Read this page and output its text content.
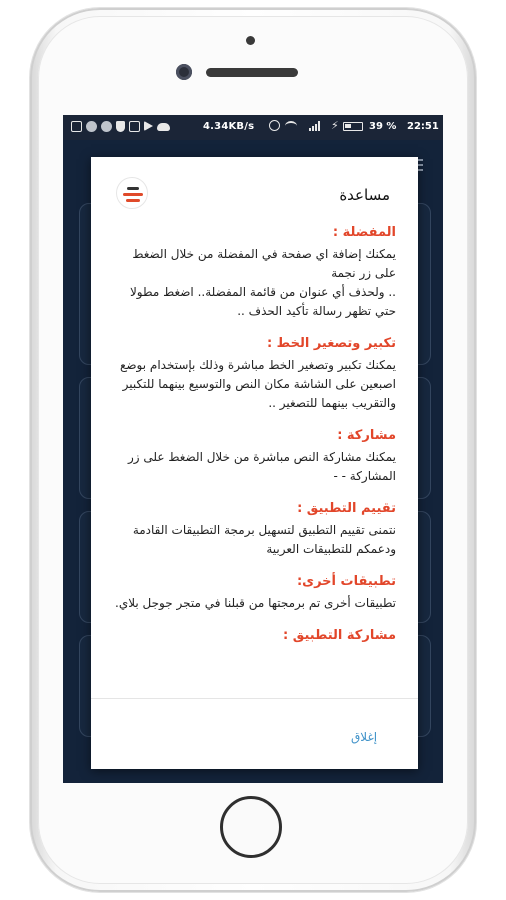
4.34KB/s	⚡	39 % 22:51
مساعدة
المفضلة :
يمكنك إضافة اي صفحة في المفضلة من خلال الضغط على زر نجمة
.. ولحذف أي عنوان من قائمة المفضلة.. اضغط مطولا حتي تظهر رسالة تأكيد الحذف ..
تكبير وتصغير الخط :
يمكنك تكبير وتصغير الخط مباشرة وذلك بإستخدام بوضع اصبعين على الشاشة مكان النص والتوسيع بينهما للتكبير والتقريب بينهما للتصغير ..
مشاركة :
يمكنك مشاركة النص مباشرة من خلال الضغط على زر المشاركة - -
تقييم التطبيق :
نتمنى تقييم التطبيق لتسهيل برمجة التطبيقات القادمة ودعمكم للتطبيقات العربية
تطبيقات أخرى:
تطبيقات أخرى تم برمجتها من قبلنا في متجر جوجل بلاي.
مشاركة التطبيق :
إغلاق
